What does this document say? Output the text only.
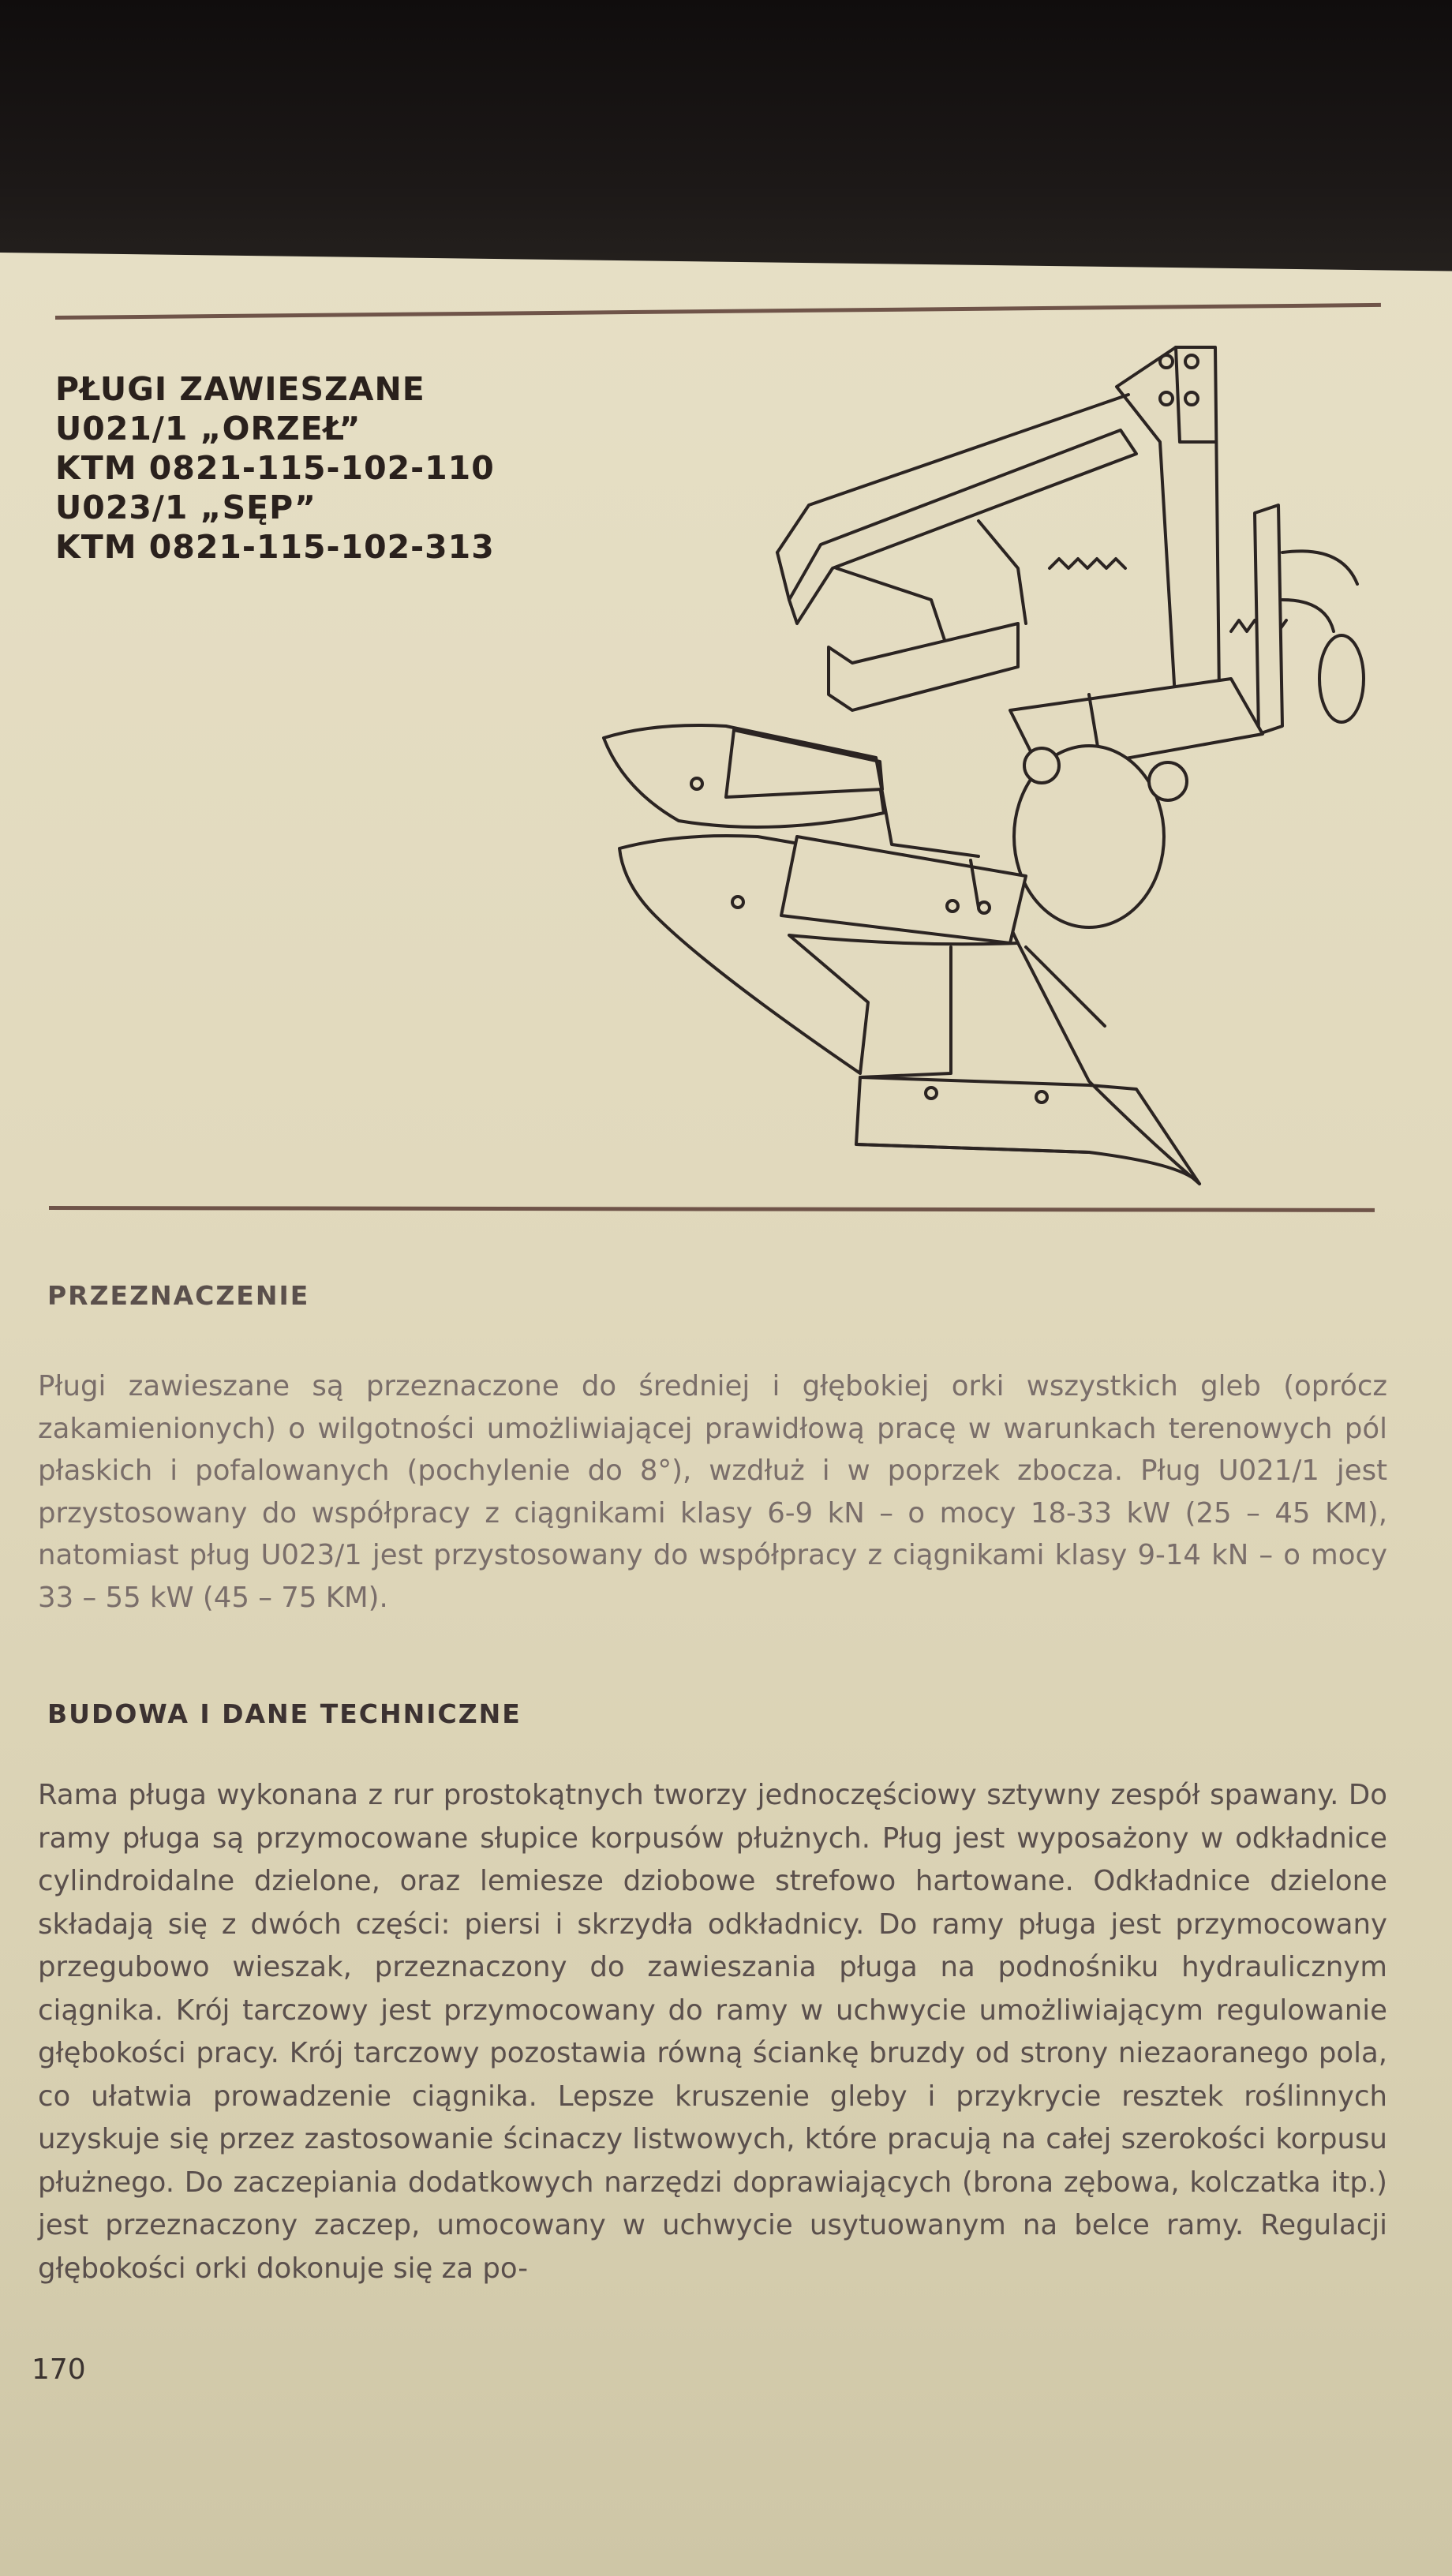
PŁUGI ZAWIESZANE
U021/1 „ORZEŁ”
KTM 0821-115-102-110
U023/1 „SĘP”
KTM 0821-115-102-313
PRZEZNACZENIE
Pługi zawieszane są przeznaczone do średniej i głębokiej orki wszystkich gleb (oprócz zakamienionych) o wilgotności umożliwiającej prawidłową pracę w warunkach terenowych pól płaskich i pofalowanych (pochylenie do 8°), wzdłuż i w poprzek zbocza. Pług U021/1 jest przystosowany do współpracy z ciągnikami klasy 6-9 kN – o mocy 18-33 kW (25 – 45 KM), natomiast pług U023/1 jest przystosowany do współpracy z ciągnikami klasy 9-14 kN – o mocy 33 – 55 kW (45 – 75 KM).
BUDOWA I DANE TECHNICZNE
Rama pługa wykonana z rur prostokątnych tworzy jednoczęściowy sztywny zespół spawany. Do ramy pługa są przymocowane słupice korpusów płużnych. Pług jest wyposażony w odkładnice cylindroidalne dzielone, oraz lemiesze dziobowe strefowo hartowane. Odkładnice dzielone składają się z dwóch części: piersi i skrzydła odkładnicy. Do ramy pługa jest przymocowany przegubowo wieszak, przeznaczony do zawieszania pługa na podnośniku hydraulicznym ciągnika. Krój tarczowy jest przymocowany do ramy w uchwycie umożliwiającym regulowanie głębokości pracy. Krój tarczowy pozostawia równą ściankę bruzdy od strony niezaoranego pola, co ułatwia prowadzenie ciągnika. Lepsze kruszenie gleby i przykrycie resztek roślinnych uzyskuje się przez zastosowanie ścinaczy listwowych, które pracują na całej szerokości korpusu płużnego. Do zaczepiania dodatkowych narzędzi doprawiających (brona zębowa, kolczatka itp.) jest przeznaczony zaczep, umocowany w uchwycie usytuowanym na belce ramy. Regulacji głębokości orki dokonuje się za po-
170
